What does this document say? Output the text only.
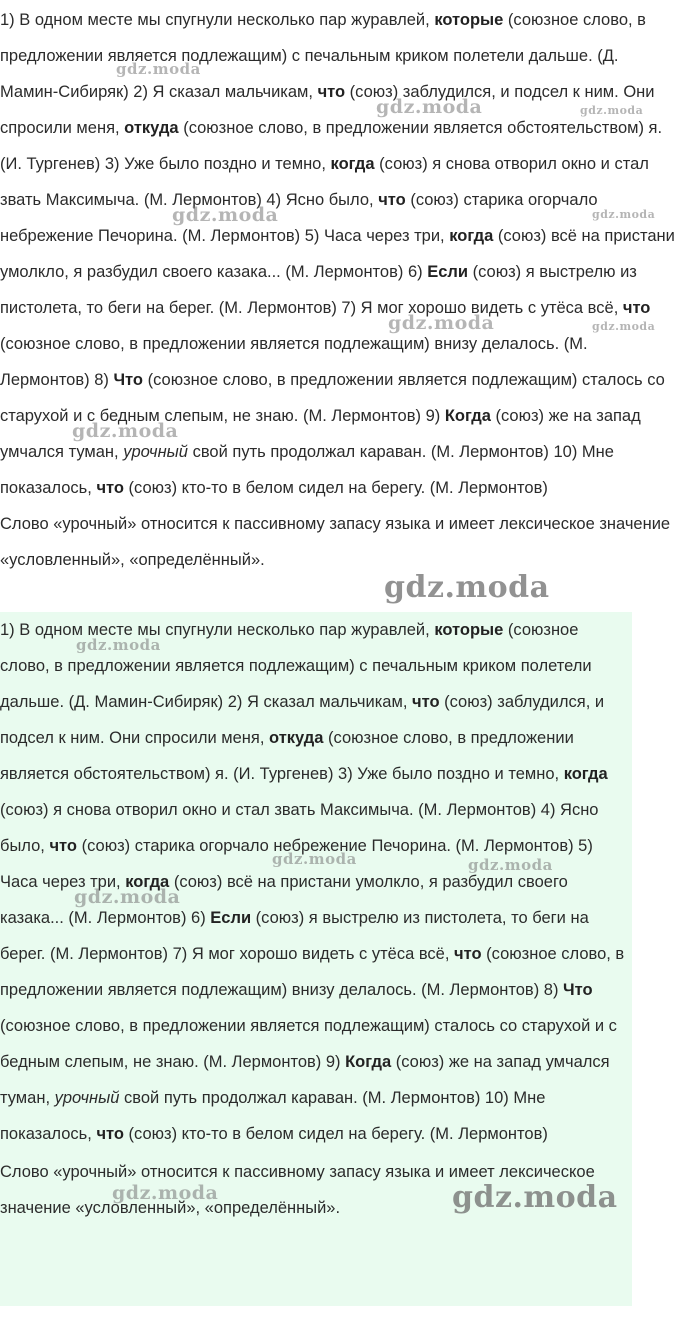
1) В одном месте мы спугнули несколько пар журавлей, которые (союзное слово, в предложении является подлежащим) с печальным криком полетели дальше. (Д. Мамин-Сибиряк) 2) Я сказал мальчикам, что (союз) заблудился, и подсел к ним. Они спросили меня, откуда (союзное слово, в предложении является обстоятельством) я. (И. Тургенев) 3) Уже было поздно и темно, когда (союз) я снова отворил окно и стал звать Максимыча. (М. Лермонтов) 4) Ясно было, что (союз) старика огорчало небрежение Печорина. (М. Лермонтов) 5) Часа через три, когда (союз) всё на пристани умолкло, я разбудил своего казака... (М. Лермонтов) 6) Если (союз) я выстрелю из пистолета, то беги на берег. (М. Лермонтов) 7) Я мог хорошо видеть с утёса всё, что (союзное слово, в предложении является подлежащим) внизу делалось. (М. Лермонтов) 8) Что (союзное слово, в предложении является подлежащим) сталось со старухой и с бедным слепым, не знаю. (М. Лермонтов) 9) Когда (союз) же на запад умчался туман, урочный свой путь продолжал караван. (М. Лермонтов) 10) Мне показалось, что (союз) кто-то в белом сидел на берегу. (М. Лермонтов)

Слово «урочный» относится к пассивному запасу языка и имеет лексическое значение «условленный», «определённый».

1) В одном месте мы спугнули несколько пар журавлей, которые (союзное слово, в предложении является подлежащим) с печальным криком полетели дальше. (Д. Мамин-Сибиряк) 2) Я сказал мальчикам, что (союз) заблудился, и подсел к ним. Они спросили меня, откуда (союзное слово, в предложении является обстоятельством) я. (И. Тургенев) 3) Уже было поздно и темно, когда (союз) я снова отворил окно и стал звать Максимыча. (М. Лермонтов) 4) Ясно было, что (союз) старика огорчало небрежение Печорина. (М. Лермонтов) 5) Часа через три, когда (союз) всё на пристани умолкло, я разбудил своего казака... (М. Лермонтов) 6) Если (союз) я выстрелю из пистолета, то беги на берег. (М. Лермонтов) 7) Я мог хорошо видеть с утёса всё, что (союзное слово, в предложении является подлежащим) внизу делалось. (М. Лермонтов) 8) Что (союзное слово, в предложении является подлежащим) сталось со старухой и с бедным слепым, не знаю. (М. Лермонтов) 9) Когда (союз) же на запад умчался туман, урочный свой путь продолжал караван. (М. Лермонтов) 10) Мне показалось, что (союз) кто-то в белом сидел на берегу. (М. Лермонтов)

Слово «урочный» относится к пассивному запасу языка и имеет лексическое значение «условленный», «определённый».

gdz.moda
gdz.moda	gdz.moda
gdz.moda	gdz.moda
gdz.moda	gdz.moda
gdz.moda
gdz.moda
gdz.moda
gdz.moda	gdz.moda
gdz.moda
gdz.moda	gdz.moda
